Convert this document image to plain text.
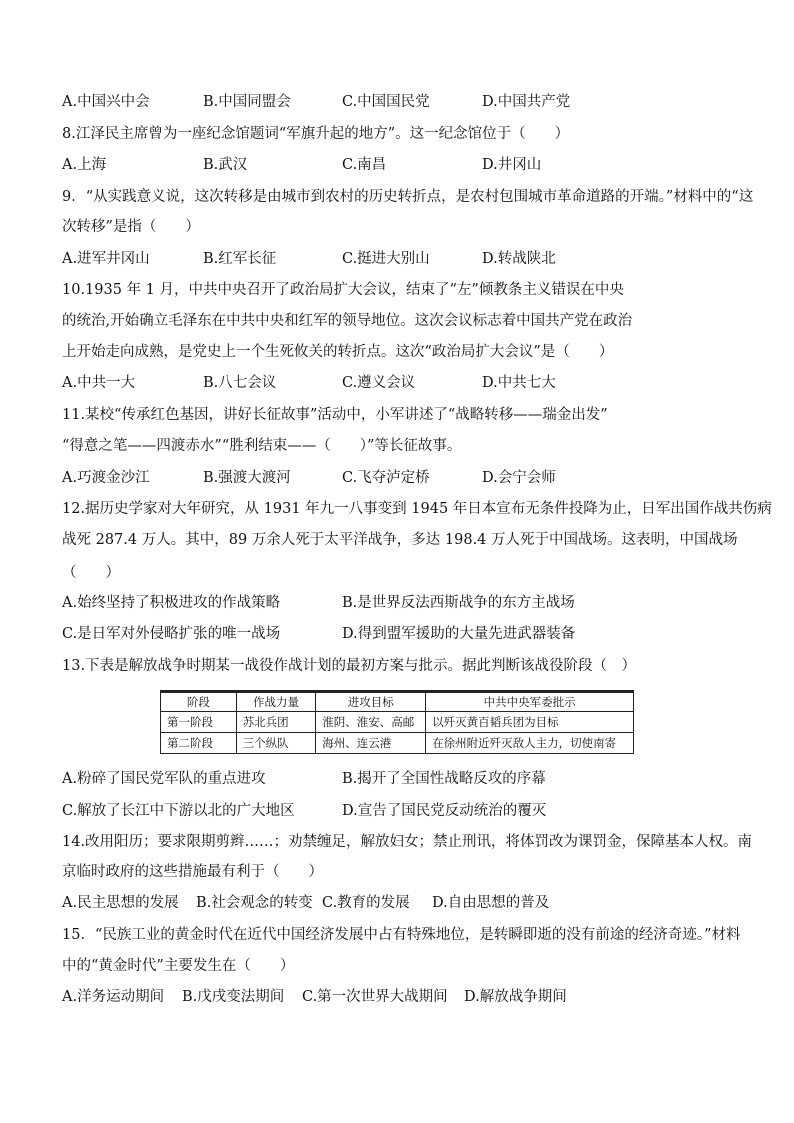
A.中国兴中会	B.中国同盟会	C.中国国民党	D.中国共产党
8.江泽民主席曾为一座纪念馆题词“军旗升起的地方”。这一纪念馆位于（　　）
A.上海	B.武汉	C.南昌	D.井冈山
9．“从实践意义说，这次转移是由城市到农村的历史转折点，是农村包围城市革命道路的开端。”材料中的“这
次转移”是指（　　）
A.进军井冈山	B.红军长征	C.挺进大别山	D.转战陕北
10.1935 年 1 月，中共中央召开了政治局扩大会议，结束了“左”倾教条主义错误在中央
的统治,开始确立毛泽东在中共中央和红军的领导地位。这次会议标志着中国共产党在政治
上开始走向成熟，是党史上一个生死攸关的转折点。这次“政治局扩大会议”是（　　）
A.中共一大	B.八七会议	C.遵义会议	D.中共七大
11.某校“传承红色基因，讲好长征故事”活动中，小军讲述了“战略转移——瑞金出发”
“得意之笔——四渡赤水”“胜利结束——（　　）”等长征故事。
A.巧渡金沙江	B.强渡大渡河	C.飞夺泸定桥	D.会宁会师
12.据历史学家对大年研究，从 1931 年九一八事变到 1945 年日本宣布无条件投降为止，日军出国作战共伤病
战死 287.4 万人。其中，89 万余人死于太平洋战争，多达 198.4 万人死于中国战场。这表明，中国战场
（　　）
A.始终坚持了积极进攻的作战策略	B.是世界反法西斯战争的东方主战场
C.是日军对外侵略扩张的唯一战场	D.得到盟军援助的大量先进武器装备
13.下表是解放战争时期某一战役作战计划的最初方案与批示。据此判断该战役阶段（　）
阶段	作战力量	进攻目标	中共中央军委批示
第一阶段	苏北兵团	淮阴、淮安、高邮	以歼灭黄百韬兵团为目标
第二阶段	三个纵队	海州、连云港	在徐州附近歼灭敌人主力，切使南寄
A.粉碎了国民党军队的重点进攻	B.揭开了全国性战略反攻的序幕
C.解放了长江中下游以北的广大地区	D.宣告了国民党反动统治的覆灭
14.改用阳历；要求限期剪辫……；劝禁缠足，解放妇女；禁止刑讯，将体罚改为课罚金，保障基本人权。南
京临时政府的这些措施最有利于（　　）
A.民主思想的发展 B.社会观念的转变 C.教育的发展 D.自由思想的普及
15．“民族工业的黄金时代在近代中国经济发展中占有特殊地位，是转瞬即逝的没有前途的经济奇迹。”材料
中的“黄金时代”主要发生在（　　）
A.洋务运动期间 B.戊戌变法期间 C.第一次世界大战期间 D.解放战争期间
